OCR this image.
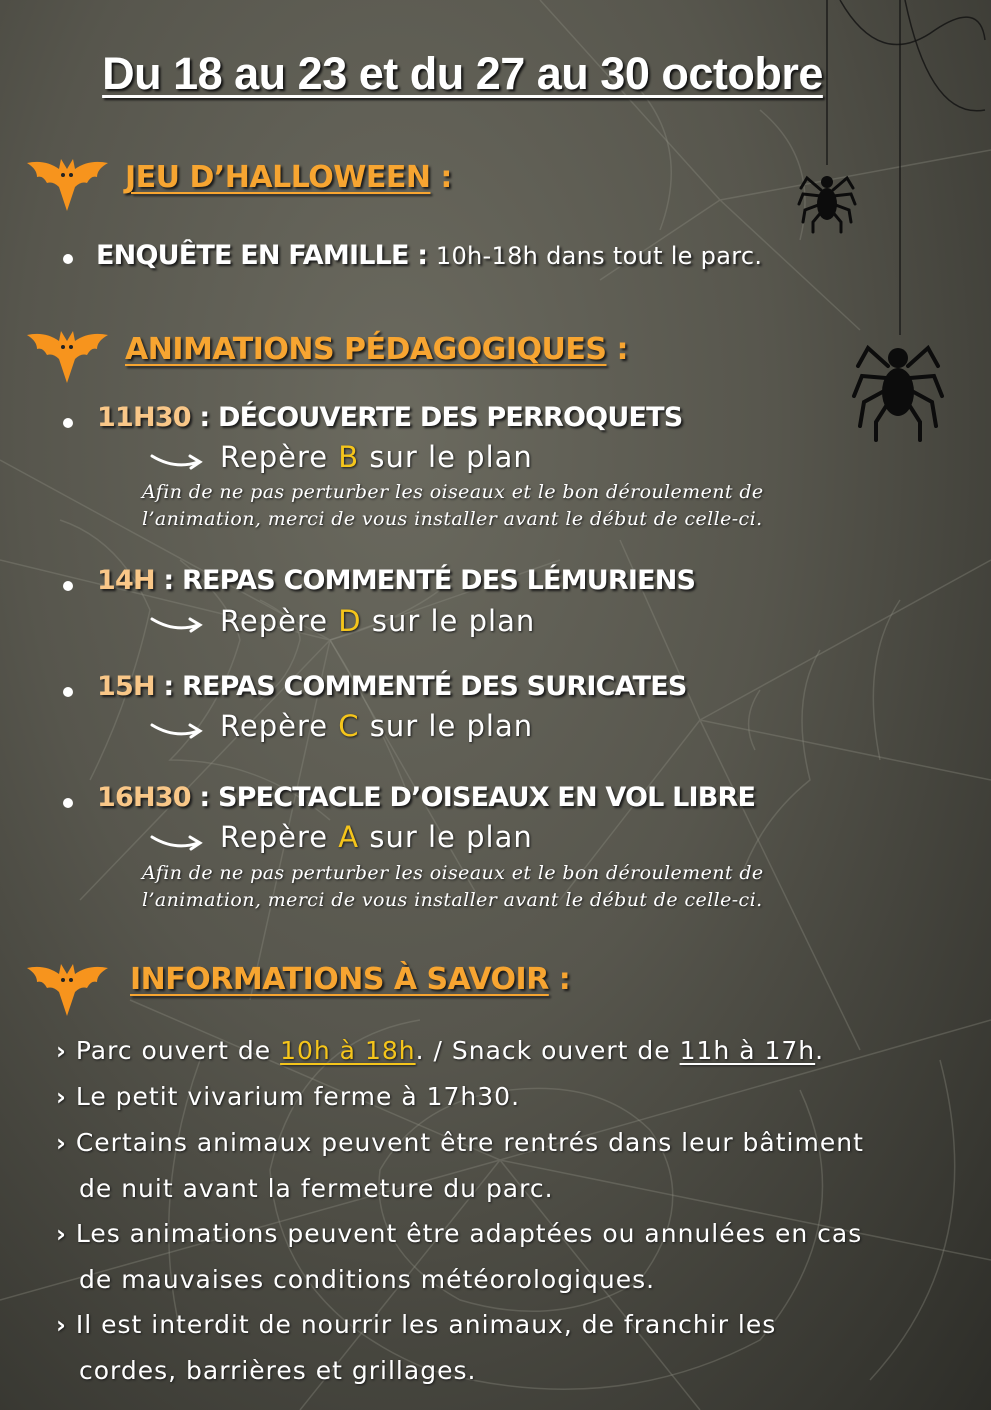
Du 18 au 23 et du 27 au 30 octobre
JEU D’HALLOWEEN :
ENQUÊTE EN FAMILLE : 10h-18h dans tout le parc.
ANIMATIONS PÉDAGOGIQUES :
11H30 : DÉCOUVERTE DES PERROQUETS
Repère B sur le plan
Afin de ne pas perturber les oiseaux et le bon déroulement de
l’animation, merci de vous installer avant le début de celle-ci.
14H : REPAS COMMENTÉ DES LÉMURIENS
Repère D sur le plan
15H : REPAS COMMENTÉ DES SURICATES
Repère C sur le plan
16H30 : SPECTACLE D’OISEAUX EN VOL LIBRE
Repère A sur le plan
Afin de ne pas perturber les oiseaux et le bon déroulement de
l’animation, merci de vous installer avant le début de celle-ci.
INFORMATIONS À SAVOIR :
› Parc ouvert de 10h à 18h. / Snack ouvert de 11h à 17h.
› Le petit vivarium ferme à 17h30.
› Certains animaux peuvent être rentrés dans leur bâtiment
de nuit avant la fermeture du parc.
› Les animations peuvent être adaptées ou annulées en cas
de mauvaises conditions météorologiques.
› Il est interdit de nourrir les animaux, de franchir les
cordes, barrières et grillages.
